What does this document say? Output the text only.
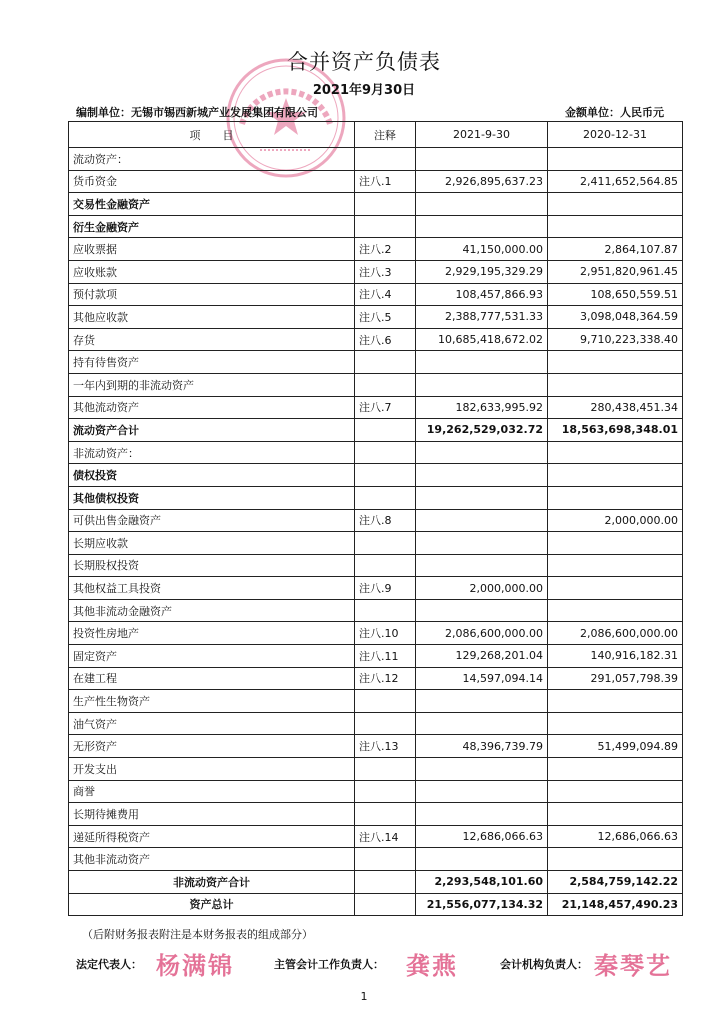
合并资产负债表
2021年9月30日
编制单位：无锡市锡西新城产业发展集团有限公司	金额单位：人民币元
项　　目	注释	2021-9-30	2020-12-31
流动资产：			
货币资金	注八.1	2,926,895,637.23	2,411,652,564.85
交易性金融资产			
衍生金融资产			
应收票据	注八.2	41,150,000.00	2,864,107.87
应收账款	注八.3	2,929,195,329.29	2,951,820,961.45
预付款项	注八.4	108,457,866.93	108,650,559.51
其他应收款	注八.5	2,388,777,531.33	3,098,048,364.59
存货	注八.6	10,685,418,672.02	9,710,223,338.40
持有待售资产			
一年内到期的非流动资产			
其他流动资产	注八.7	182,633,995.92	280,438,451.34
流动资产合计		19,262,529,032.72	18,563,698,348.01
非流动资产：			
债权投资			
其他债权投资			
可供出售金融资产	注八.8		2,000,000.00
长期应收款			
长期股权投资			
其他权益工具投资	注八.9	2,000,000.00	
其他非流动金融资产			
投资性房地产	注八.10	2,086,600,000.00	2,086,600,000.00
固定资产	注八.11	129,268,201.04	140,916,182.31
在建工程	注八.12	14,597,094.14	291,057,798.39
生产性生物资产			
油气资产			
无形资产	注八.13	48,396,739.79	51,499,094.89
开发支出			
商誉			
长期待摊费用			
递延所得税资产	注八.14	12,686,066.63	12,686,066.63
其他非流动资产			
非流动资产合计		2,293,548,101.60	2,584,759,142.22
资产总计		21,556,077,134.32	21,148,457,490.23
（后附财务报表附注是本财务报表的组成部分）
法定代表人： 杨满锦	主管会计工作负责人： 龚燕	会计机构负责人： 秦琴艺
1
